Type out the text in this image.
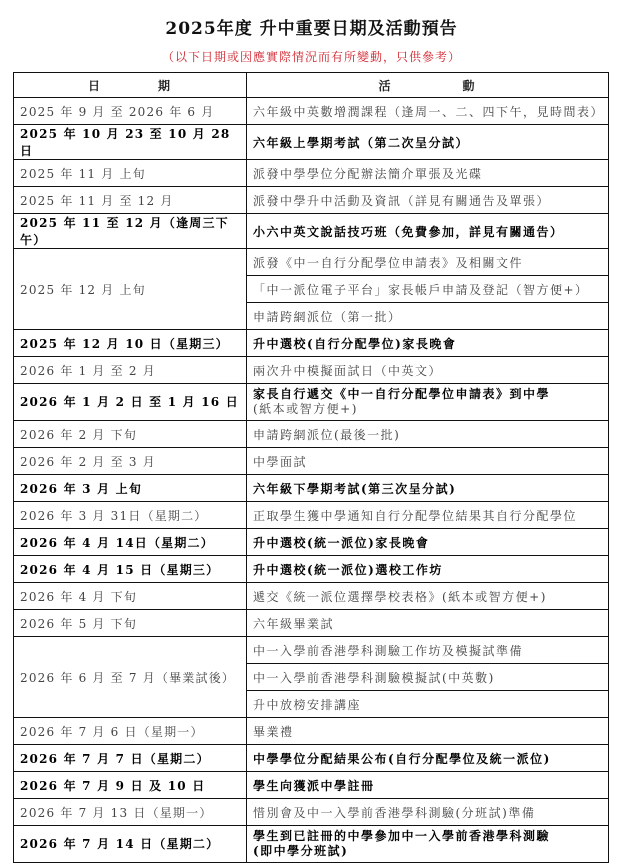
2025年度 升中重要日期及活動預告
（以下日期或因應實際情況而有所變動，只供參考）
日 期	活 動
2025 年 9 月 至 2026 年 6 月	六年級中英數增潤課程（逢周一、二、四下午，見時間表）
2025 年 10 月 23 至 10 月 28 日	六年級上學期考試（第二次呈分試）
2025 年 11 月 上旬	派發中學學位分配辦法簡介單張及光碟
2025 年 11 月 至 12 月	派發中學升中活動及資訊（詳見有關通告及單張）
2025 年 11 至 12 月（逢周三下午）	小六中英文說話技巧班（免費參加，詳見有關通告）
2025 年 12 月 上旬	派發《中一自行分配學位申請表》及相關文件
	「中一派位電子平台」家長帳戶申請及登記（智方便+）
	申請跨網派位（第一批）
2025 年 12 月 10 日（星期三）	升中選校(自行分配學位)家長晚會
2026 年 1 月 至 2 月	兩次升中模擬面試日（中英文）
2026 年 1 月 2 日 至 1 月 16 日	家長自行遞交《中一自行分配學位申請表》到中學
(紙本或智方便+)

2026 年 2 月 下旬	申請跨網派位(最後一批)
2026 年 2 月 至 3 月	中學面試
2026 年 3 月 上旬	六年級下學期考試(第三次呈分試)
2026 年 3 月 31日（星期二）	正取學生獲中學通知自行分配學位結果其自行分配學位
2026 年 4 月 14日（星期二）	升中選校(統一派位)家長晚會
2026 年 4 月 15 日（星期三）	升中選校(統一派位)選校工作坊
2026 年 4 月 下旬	遞交《統一派位選擇學校表格》(紙本或智方便+)
2026 年 5 月 下旬	六年級畢業試
2026 年 6 月 至 7 月（畢業試後）	中一入學前香港學科測驗工作坊及模擬試準備
	中一入學前香港學科測驗模擬試(中英數)
	升中放榜安排講座
2026 年 7 月 6 日（星期一）	畢業禮
2026 年 7 月 7 日（星期二）	中學學位分配結果公布(自行分配學位及統一派位)
2026 年 7 月 9 日 及 10 日	學生向獲派中學註冊
2026 年 7 月 13 日（星期一）	惜別會及中一入學前香港學科測驗(分班試)準備
2026 年 7 月 14 日（星期二）	學生到已註冊的中學參加中一入學前香港學科測驗
(即中學分班試)
